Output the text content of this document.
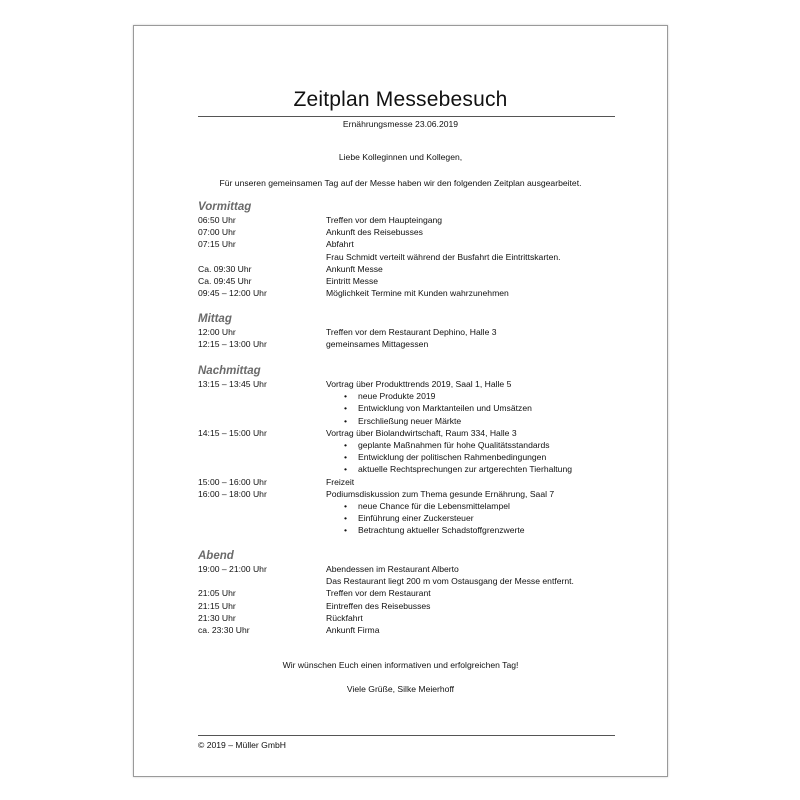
Zeitplan Messebesuch
Ernährungsmesse 23.06.2019
Liebe Kolleginnen und Kollegen,
Für unseren gemeinsamen Tag auf der Messe haben wir den folgenden Zeitplan ausgearbeitet.
Vormittag
06:50 Uhr	Treffen vor dem Haupteingang
07:00 Uhr	Ankunft des Reisebusses
07:15 Uhr	Abfahrt
Frau Schmidt verteilt während der Busfahrt die Eintrittskarten.
Ca. 09:30 Uhr	Ankunft Messe
Ca. 09:45 Uhr	Eintritt Messe
09:45 – 12:00 Uhr	Möglichkeit Termine mit Kunden wahrzunehmen
Mittag
12:00 Uhr	Treffen vor dem Restaurant Dephino, Halle 3
12:15 – 13:00 Uhr	gemeinsames Mittagessen
Nachmittag
13:15 – 13:45 Uhr	Vortrag über Produkttrends 2019, Saal 1, Halle 5
•	neue Produkte 2019
•	Entwicklung von Marktanteilen und Umsätzen
•	Erschließung neuer Märkte
14:15 – 15:00 Uhr	Vortrag über Biolandwirtschaft, Raum 334, Halle 3
•	geplante Maßnahmen für hohe Qualitätsstandards
•	Entwicklung der politischen Rahmenbedingungen
•	aktuelle Rechtsprechungen zur artgerechten Tierhaltung
15:00 – 16:00 Uhr	Freizeit
16:00 – 18:00 Uhr	Podiumsdiskussion zum Thema gesunde Ernährung, Saal 7
•	neue Chance für die Lebensmittelampel
•	Einführung einer Zuckersteuer
•	Betrachtung aktueller Schadstoffgrenzwerte
Abend
19:00 – 21:00 Uhr	Abendessen im Restaurant Alberto
Das Restaurant liegt 200 m vom Ostausgang der Messe entfernt.
21:05 Uhr	Treffen vor dem Restaurant
21:15 Uhr	Eintreffen des Reisebusses
21:30 Uhr	Rückfahrt
ca. 23:30 Uhr	Ankunft Firma
Wir wünschen Euch einen informativen und erfolgreichen Tag!
Viele Grüße, Silke Meierhoff
© 2019 – Müller GmbH
